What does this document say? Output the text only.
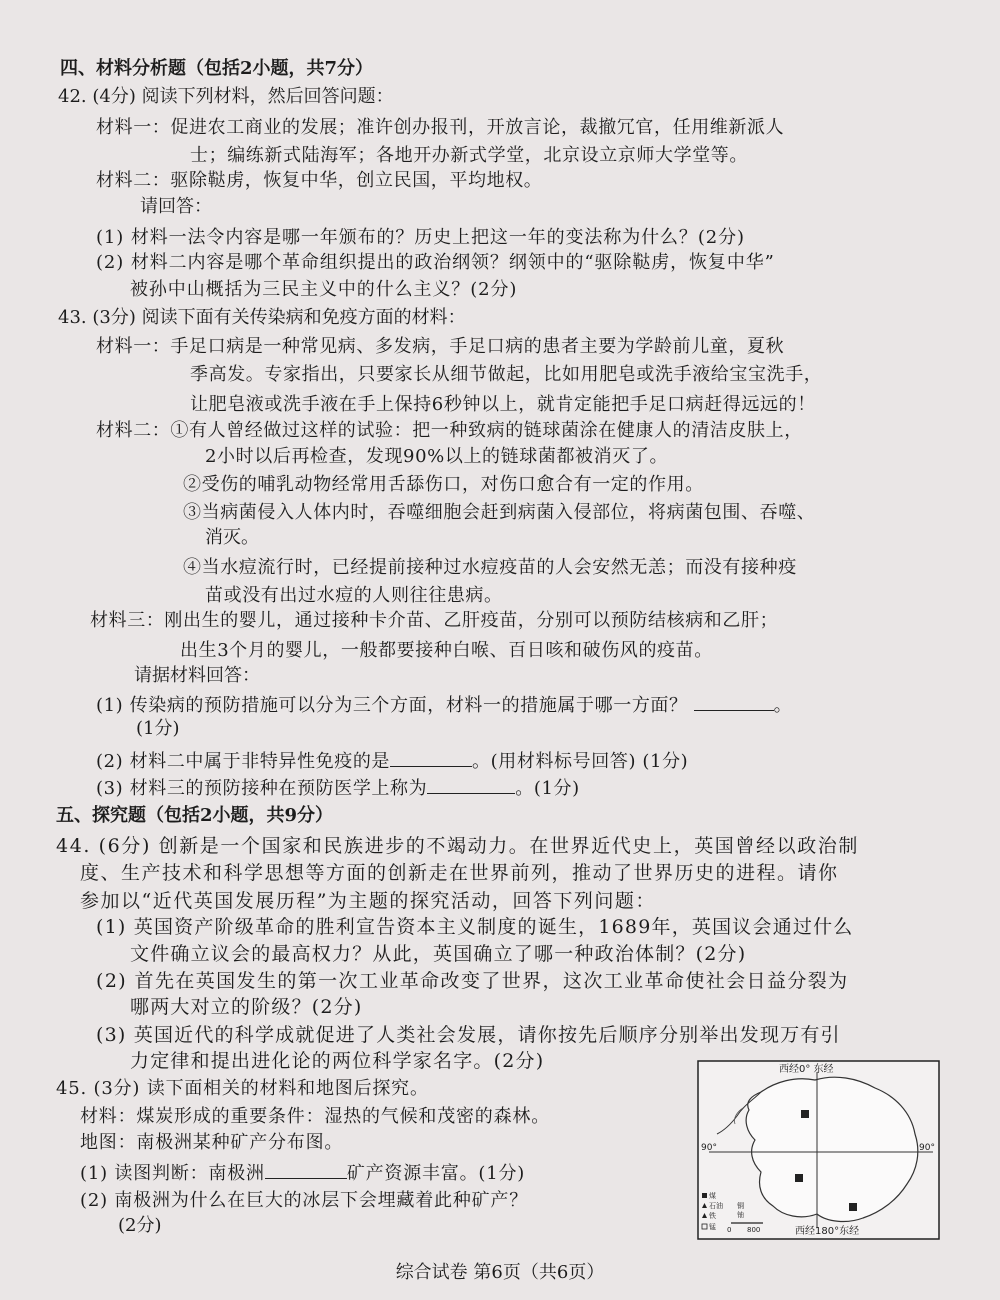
四、材料分析题（包括2小题，共7分）
42. (4分) 阅读下列材料，然后回答问题：
材料一：促进农工商业的发展；准许创办报刊，开放言论，裁撤冗官，任用维新派人
士；编练新式陆海军；各地开办新式学堂，北京设立京师大学堂等。
材料二：驱除鞑虏，恢复中华，创立民国，平均地权。
请回答：
(1) 材料一法令内容是哪一年颁布的？历史上把这一年的变法称为什么？(2分)
(2) 材料二内容是哪个革命组织提出的政治纲领？纲领中的“驱除鞑虏，恢复中华”
被孙中山概括为三民主义中的什么主义？(2分)
43. (3分) 阅读下面有关传染病和免疫方面的材料：
材料一：手足口病是一种常见病、多发病，手足口病的患者主要为学龄前儿童，夏秋
季高发。专家指出，只要家长从细节做起，比如用肥皂或洗手液给宝宝洗手，
让肥皂液或洗手液在手上保持6秒钟以上，就肯定能把手足口病赶得远远的！
材料二：①有人曾经做过这样的试验：把一种致病的链球菌涂在健康人的清洁皮肤上，
2小时以后再检查，发现90%以上的链球菌都被消灭了。
②受伤的哺乳动物经常用舌舔伤口，对伤口愈合有一定的作用。
③当病菌侵入人体内时，吞噬细胞会赶到病菌入侵部位，将病菌包围、吞噬、
消灭。
④当水痘流行时，已经提前接种过水痘疫苗的人会安然无恙；而没有接种疫
苗或没有出过水痘的人则往往患病。
材料三：刚出生的婴儿，通过接种卡介苗、乙肝疫苗，分别可以预防结核病和乙肝；
出生3个月的婴儿，一般都要接种白喉、百日咳和破伤风的疫苗。
请据材料回答：
(1) 传染病的预防措施可以分为三个方面，材料一的措施属于哪一方面？	。
(1分)
(2) 材料二中属于非特异性免疫的是	。(用材料标号回答) (1分)
(3) 材料三的预防接种在预防医学上称为	。(1分)
五、探究题（包括2小题，共9分）
44. (6分) 创新是一个国家和民族进步的不竭动力。在世界近代史上，英国曾经以政治制
度、生产技术和科学思想等方面的创新走在世界前列，推动了世界历史的进程。请你
参加以“近代英国发展历程”为主题的探究活动，回答下列问题：
(1) 英国资产阶级革命的胜利宣告资本主义制度的诞生，1689年，英国议会通过什么
文件确立议会的最高权力？从此，英国确立了哪一种政治体制？(2分)
(2) 首先在英国发生的第一次工业革命改变了世界，这次工业革命使社会日益分裂为
哪两大对立的阶级？(2分)
(3) 英国近代的科学成就促进了人类社会发展，请你按先后顺序分别举出发现万有引
力定律和提出进化论的两位科学家名字。(2分)
45. (3分) 读下面相关的材料和地图后探究。
材料：煤炭形成的重要条件：湿热的气候和茂密的森林。
地图：南极洲某种矿产分布图。
(1) 读图判断：南极洲	矿产资源丰富。(1分)
(2) 南极洲为什么在巨大的冰层下会埋藏着此种矿产？
(2分)
西经0° 东经
90°	90°
西经180°东经
煤
石油
铁
铜
铀
锰 0 800
综合试卷 第6页（共6页）
